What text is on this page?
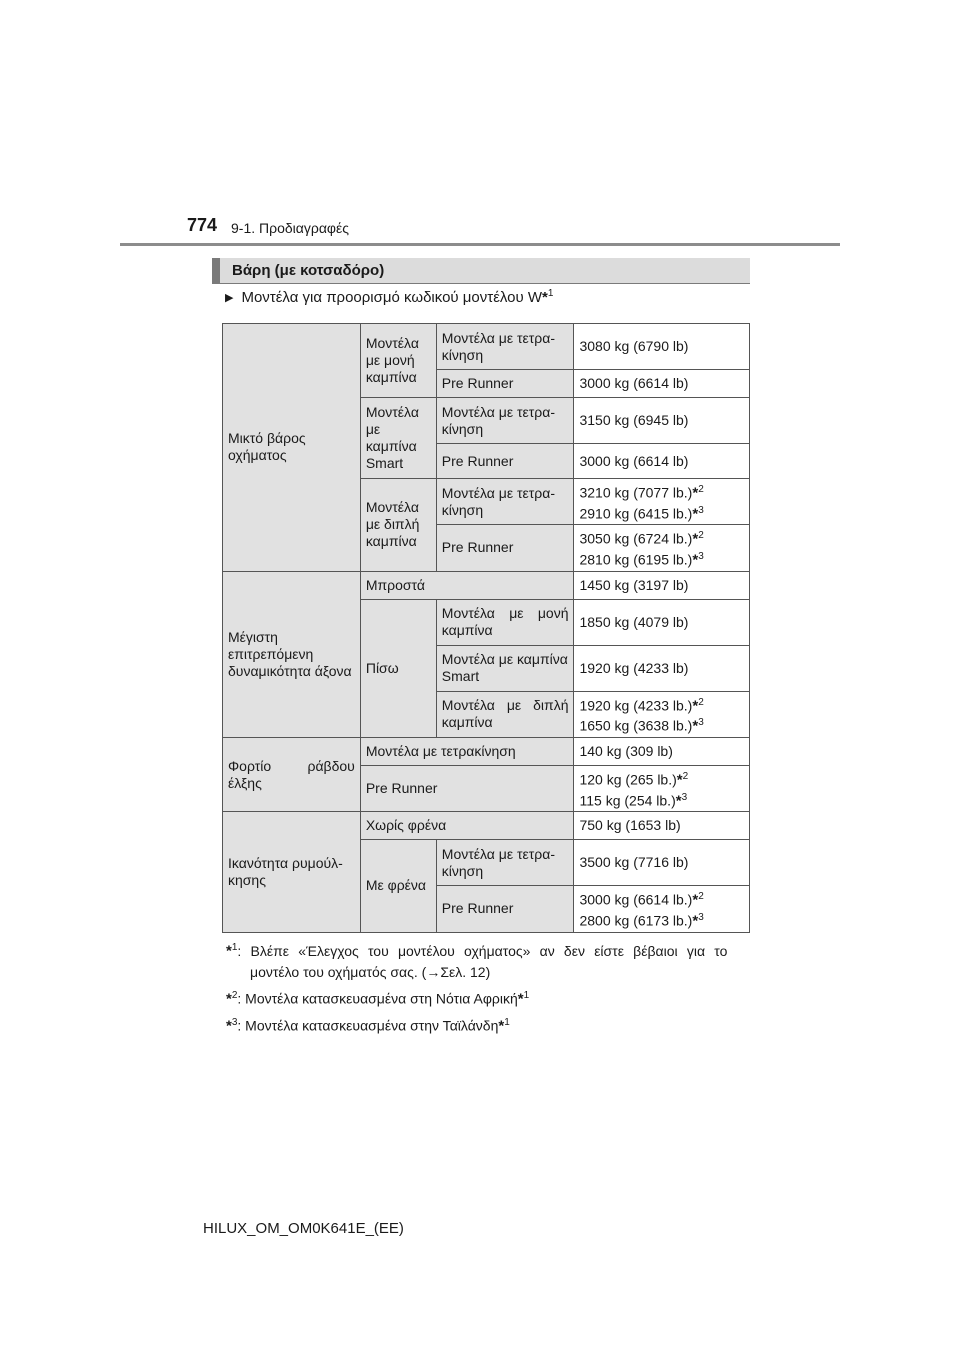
774 9-1. Προδιαγραφές
Βάρη (με κοτσαδόρο)
▶ Μοντέλα για προορισμό κωδικού μοντέλου W*$^1$
Μικτό βάρος οχήματος	Μοντέλα με μονή καμπίνα	Μοντέλα με τετρα-κίνηση	3080 kg (6790 lb)
		Pre Runner	3000 kg (6614 lb)
	Μοντέλα με καμπίνα Smart	Μοντέλα με τετρα-κίνηση	3150 kg (6945 lb)
		Pre Runner	3000 kg (6614 lb)
	Μοντέλα με διπλή καμπίνα	Μοντέλα με τετρα-κίνηση	3210 kg (7077 lb.)*$^2$
2910 kg (6415 lb.)*$^3$
		Pre Runner	3050 kg (6724 lb.)*$^2$
2810 kg (6195 lb.)*$^3$
Μέγιστη επιτρεπόμενη δυναμικότητα άξονα	Μπροστά		1450 kg (3197 lb)
	Πίσω	Μοντέλα με μονή καμπίνα	1850 kg (4079 lb)
		Μοντέλα με καμπίνα Smart	1920 kg (4233 lb)
		Μοντέλα με διπλή καμπίνα	1920 kg (4233 lb.)*$^2$
1650 kg (3638 lb.)*$^3$
Φορτίο ράβδου έλξης	Μοντέλα με τετρακίνηση		140 kg (309 lb)
	Pre Runner		120 kg (265 lb.)*$^2$
115 kg (254 lb.)*$^3$
Ικανότητα ρυμούλ-κησης	Χωρίς φρένα		750 kg (1653 lb)
	Με φρένα	Μοντέλα με τετρα-κίνηση	3500 kg (7716 lb)
		Pre Runner	3000 kg (6614 lb.)*$^2$
2800 kg (6173 lb.)*$^3$
*$^1$: Βλέπε «Έλεγχος του μοντέλου οχήματος» αν δεν είστε βέβαιοι για το
μοντέλο του οχήματός σας. (→Σελ. 12)
*$^2$: Μοντέλα κατασκευασμένα στη Νότια Αφρική*$^1$
*$^3$: Μοντέλα κατασκευασμένα στην Ταϊλάνδη*$^1$
HILUX_OM_OM0K641E_(EE)
